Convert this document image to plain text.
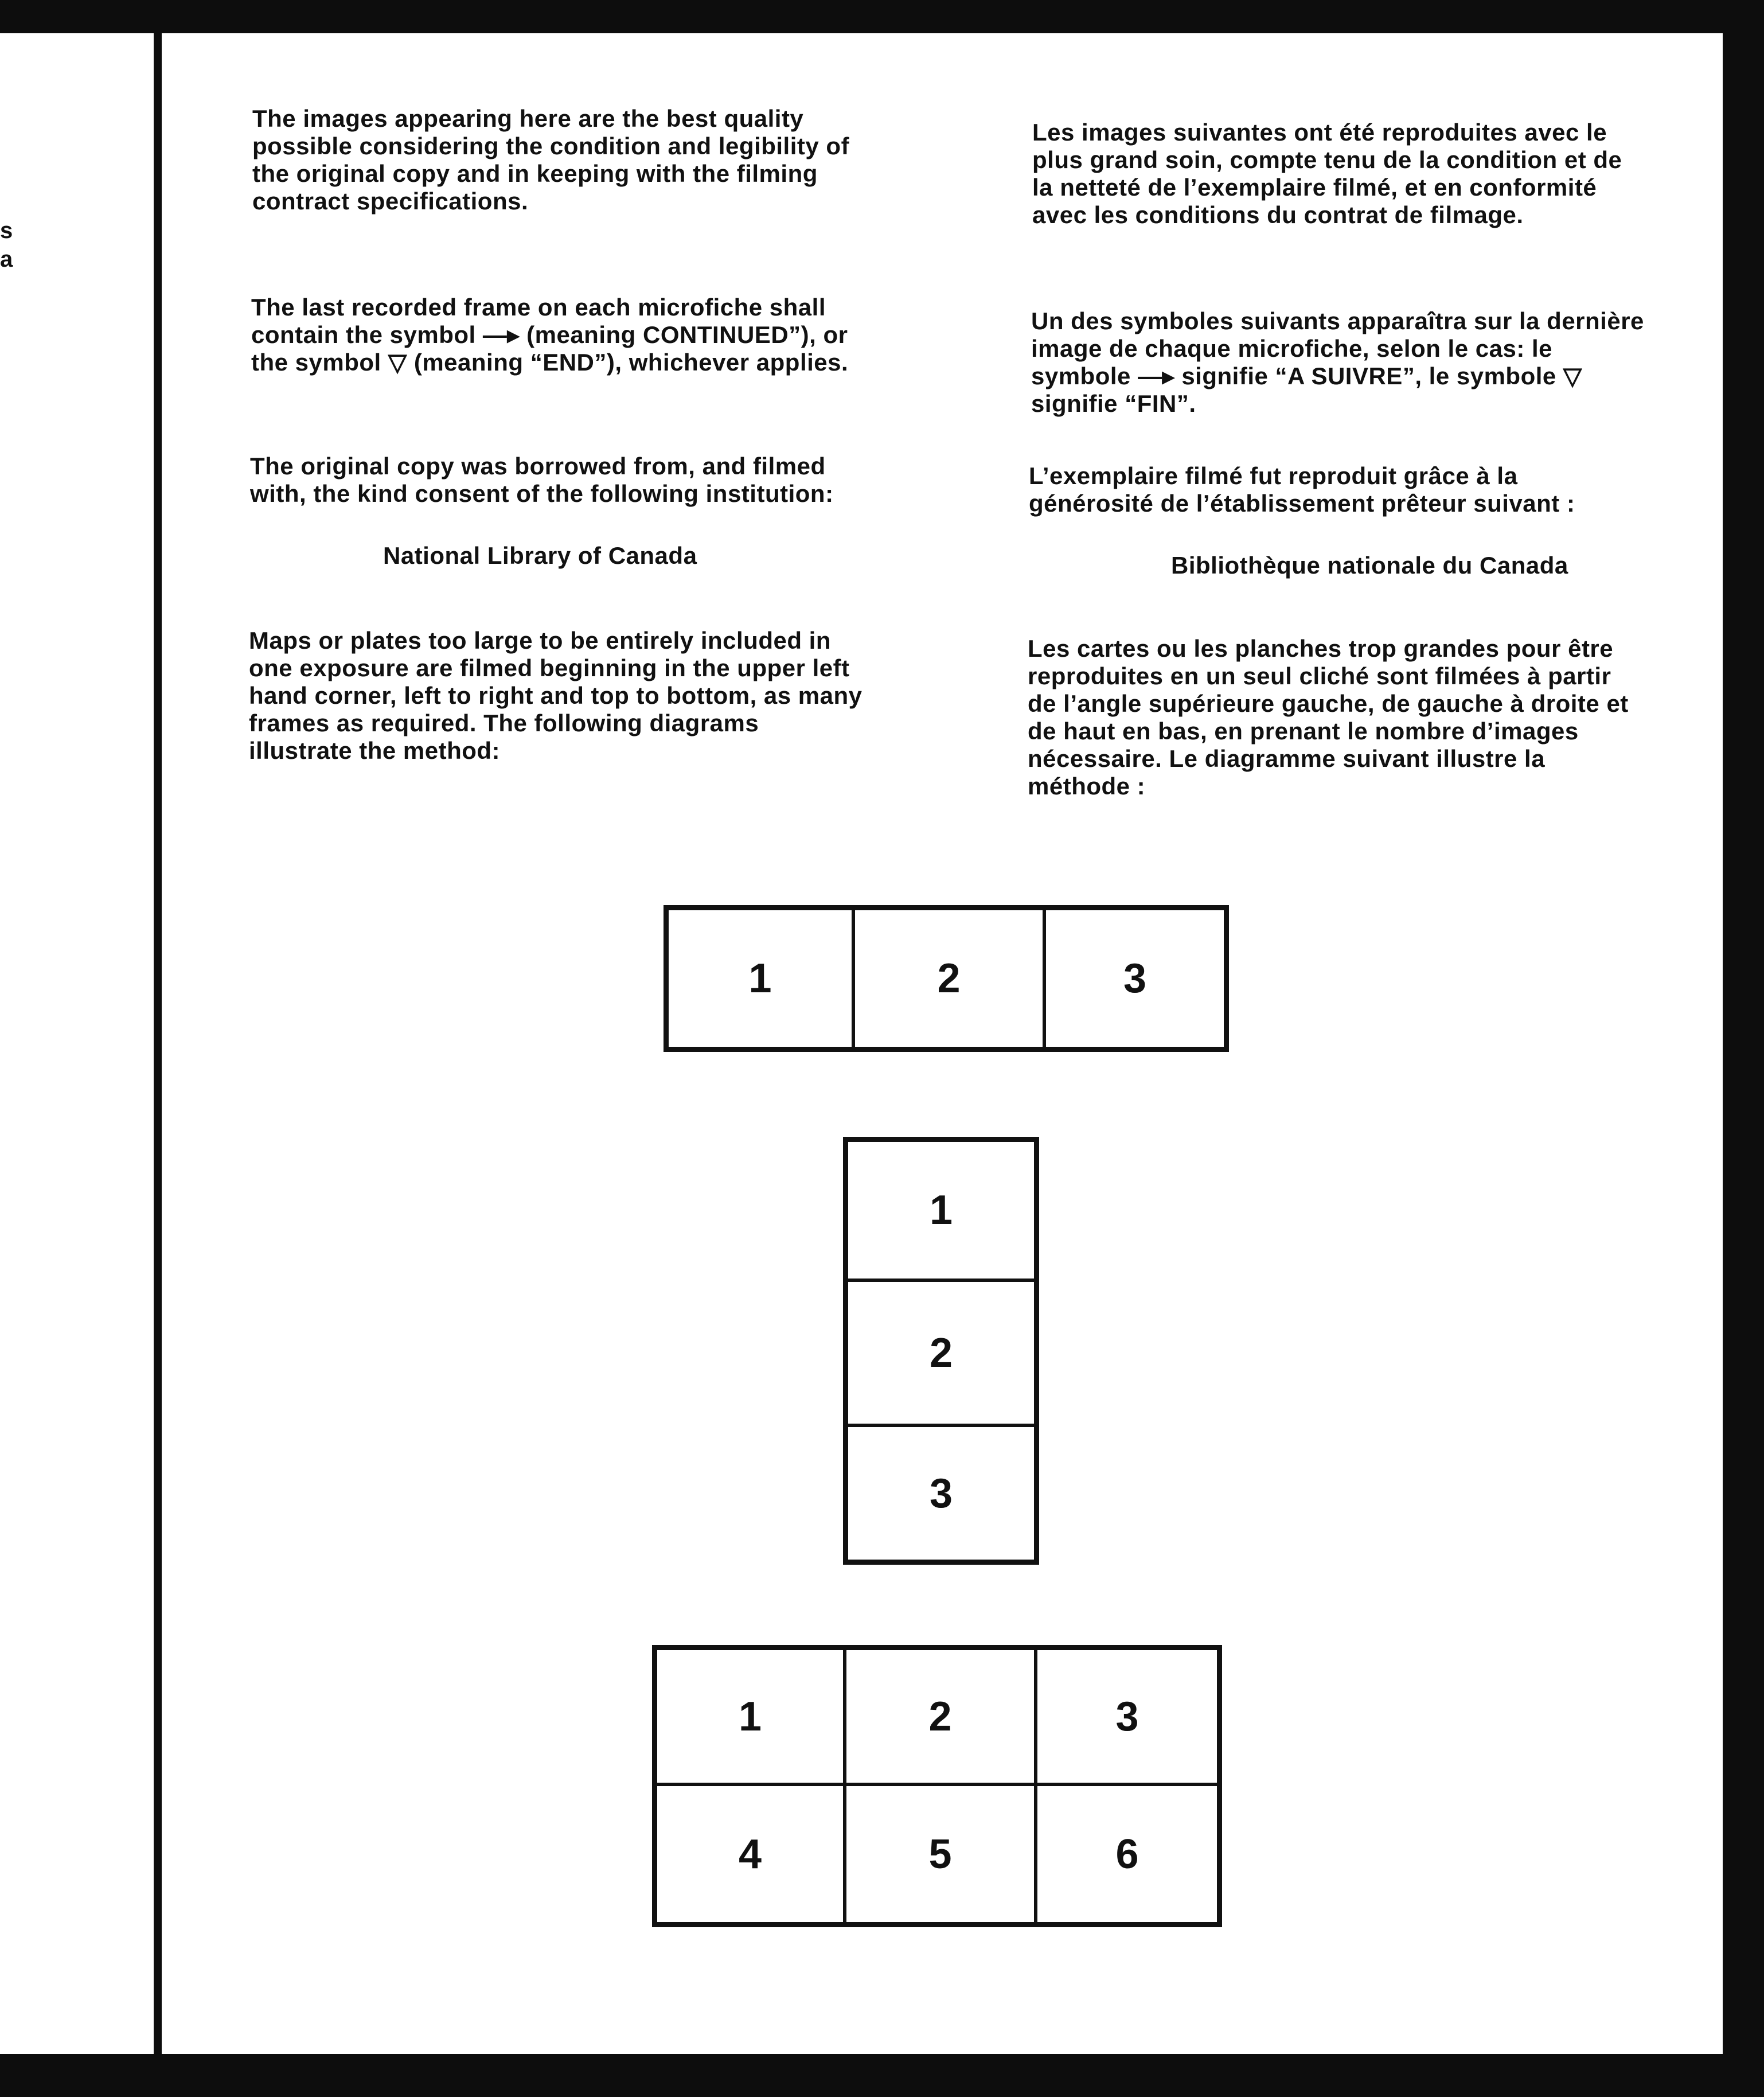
s
a
The images appearing here are the best quality possible considering the condition and legibility of the original copy and in keeping with the filming contract specifications.
The last recorded frame on each microfiche shall contain the symbol —▸ (meaning CONTINUED”), or the symbol ▽ (meaning “END”), whichever applies.
The original copy was borrowed from, and filmed with, the kind consent of the following institution:
National Library of Canada
Maps or plates too large to be entirely included in one exposure are filmed beginning in the upper left hand corner, left to right and top to bottom, as many frames as required. The following diagrams illustrate the method:
Les images suivantes ont été reproduites avec le plus grand soin, compte tenu de la condition et de la netteté de l’exemplaire filmé, et en conformité avec les conditions du contrat de filmage.
Un des symboles suivants apparaîtra sur la dernière image de chaque microfiche, selon le cas: le symbole —▸ signifie “A SUIVRE”, le symbole ▽ signifie “FIN”.
L’exemplaire filmé fut reproduit grâce à la générosité de l’établissement prêteur suivant :
Bibliothèque nationale du Canada
Les cartes ou les planches trop grandes pour être reproduites en un seul cliché sont filmées à partir de l’angle supérieure gauche, de gauche à droite et de haut en bas, en prenant le nombre d’images nécessaire. Le diagramme suivant illustre la méthode :
1	2	3
1
2
3
1	2	3
4	5	6
